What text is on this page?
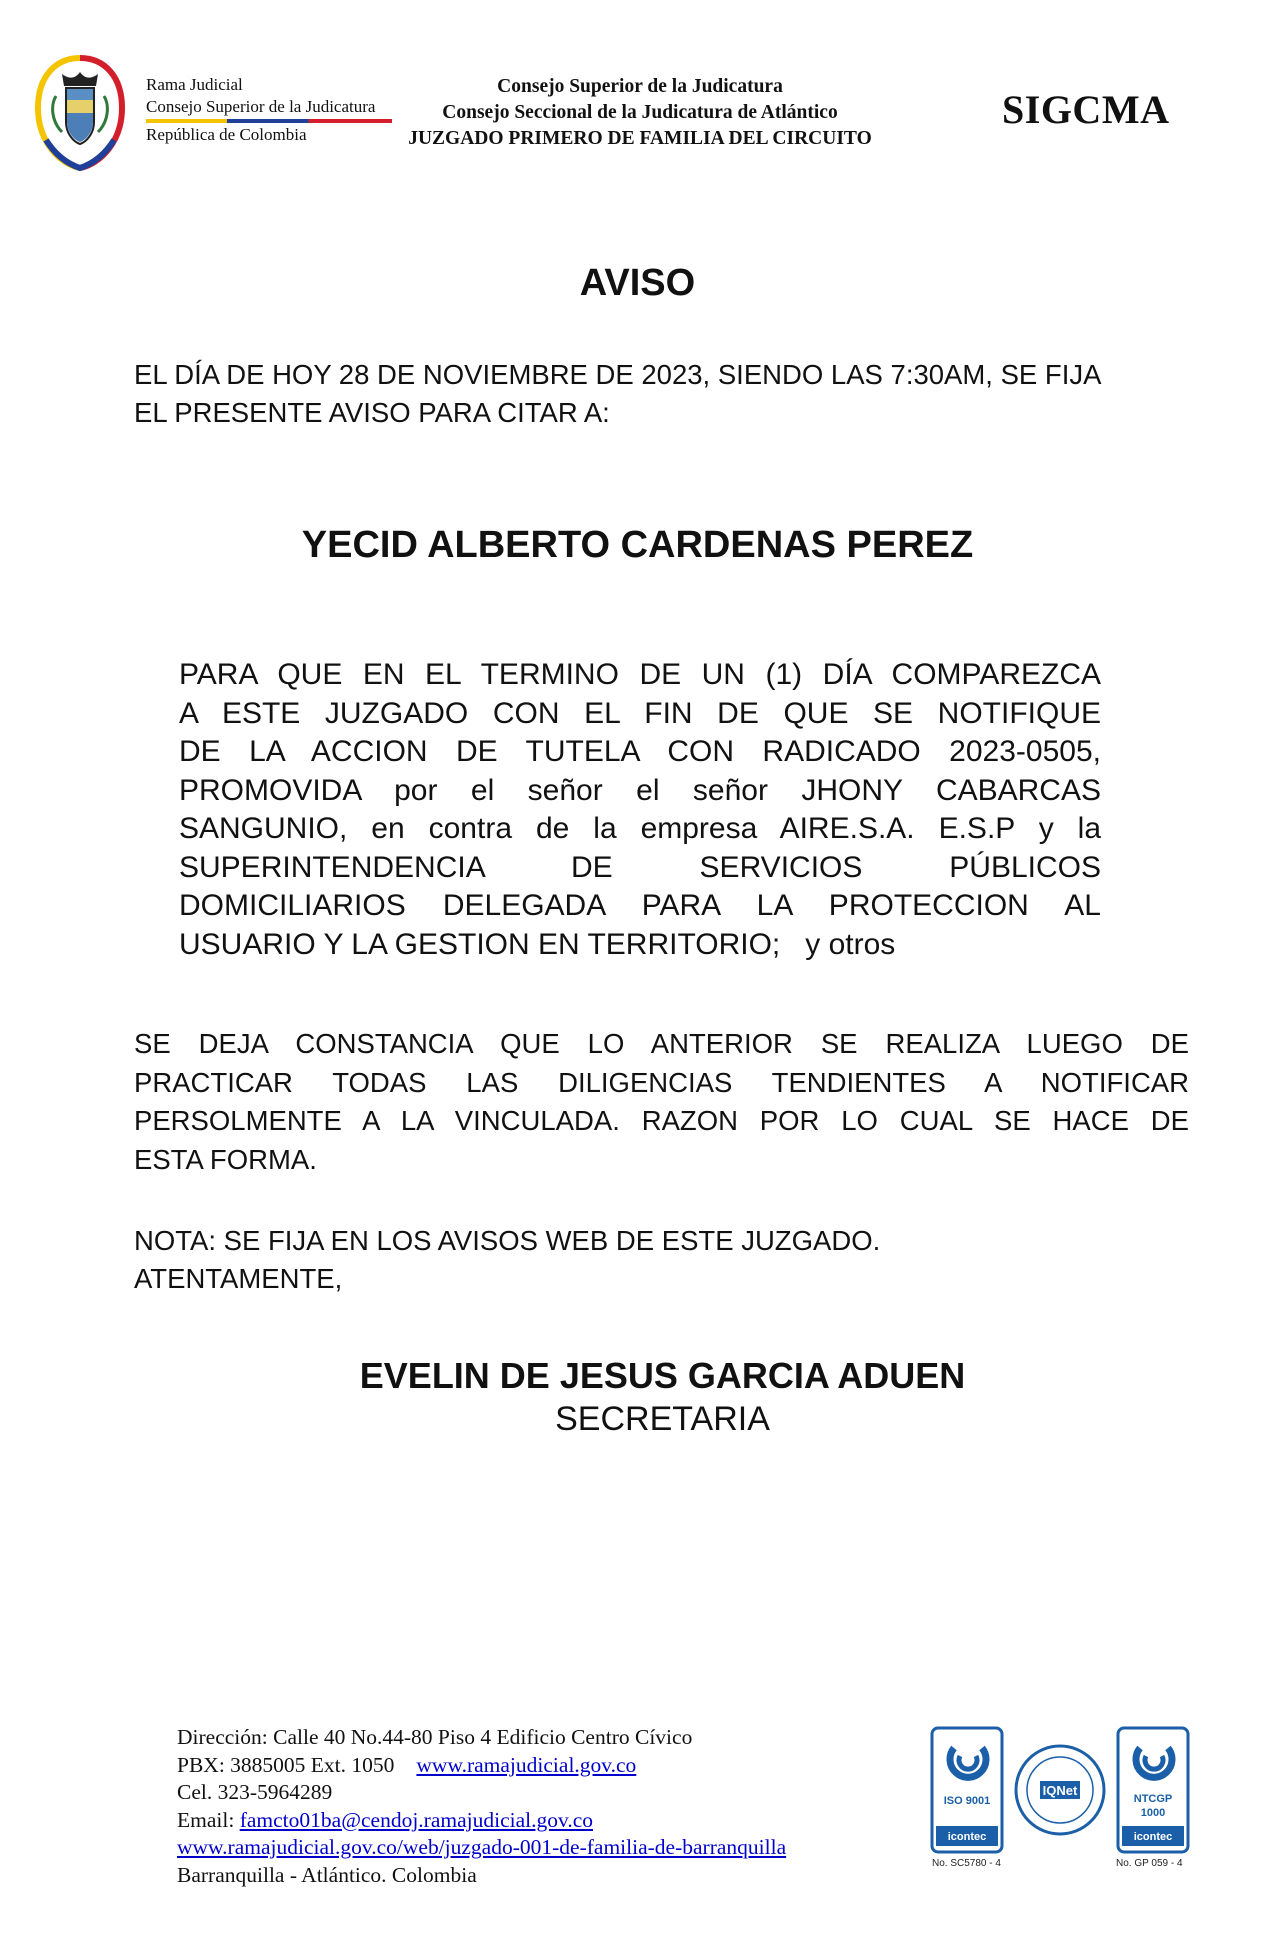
Rama Judicial
Consejo Superior de la Judicatura
República de Colombia
Consejo Superior de la Judicatura
Consejo Seccional de la Judicatura de Atlántico
JUZGADO PRIMERO DE FAMILIA DEL CIRCUITO
SIGCMA
AVISO
EL DÍA DE HOY 28 DE NOVIEMBRE DE 2023, SIENDO LAS 7:30AM, SE FIJA
EL PRESENTE AVISO PARA CITAR A:
YECID ALBERTO CARDENAS PEREZ
PARA QUE EN EL TERMINO DE UN (1) DÍA COMPAREZCA
A ESTE JUZGADO CON EL FIN DE QUE SE NOTIFIQUE
DE LA ACCION DE TUTELA CON RADICADO 2023-0505,
PROMOVIDA por el señor el señor JHONY CABARCAS
SANGUNIO, en contra de la empresa AIRE.S.A. E.S.P y la
SUPERINTENDENCIA DE SERVICIOS PÚBLICOS
DOMICILIARIOS DELEGADA PARA LA PROTECCION AL
USUARIO Y LA GESTION EN TERRITORIO;   y otros
SE DEJA CONSTANCIA QUE LO ANTERIOR SE REALIZA LUEGO DE
PRACTICAR TODAS LAS DILIGENCIAS TENDIENTES A NOTIFICAR
PERSOLMENTE A LA VINCULADA. RAZON POR LO CUAL SE HACE DE
ESTA FORMA.
NOTA: SE FIJA EN LOS AVISOS WEB DE ESTE JUZGADO.
ATENTAMENTE,
EVELIN DE JESUS GARCIA ADUEN
SECRETARIA
Dirección: Calle 40 No.44-80 Piso 4 Edificio Centro Cívico
PBX: 3885005 Ext. 1050 www.ramajudicial.gov.co
Cel. 323-5964289
Email: famcto01ba@cendoj.ramajudicial.gov.co
www.ramajudicial.gov.co/web/juzgado-001-de-familia-de-barranquilla
Barranquilla - Atlántico. Colombia
ISO 9001
icontec
IQNet
NTCGP
1000
icontec
No. SC5780 - 4	No. GP 059 - 4
